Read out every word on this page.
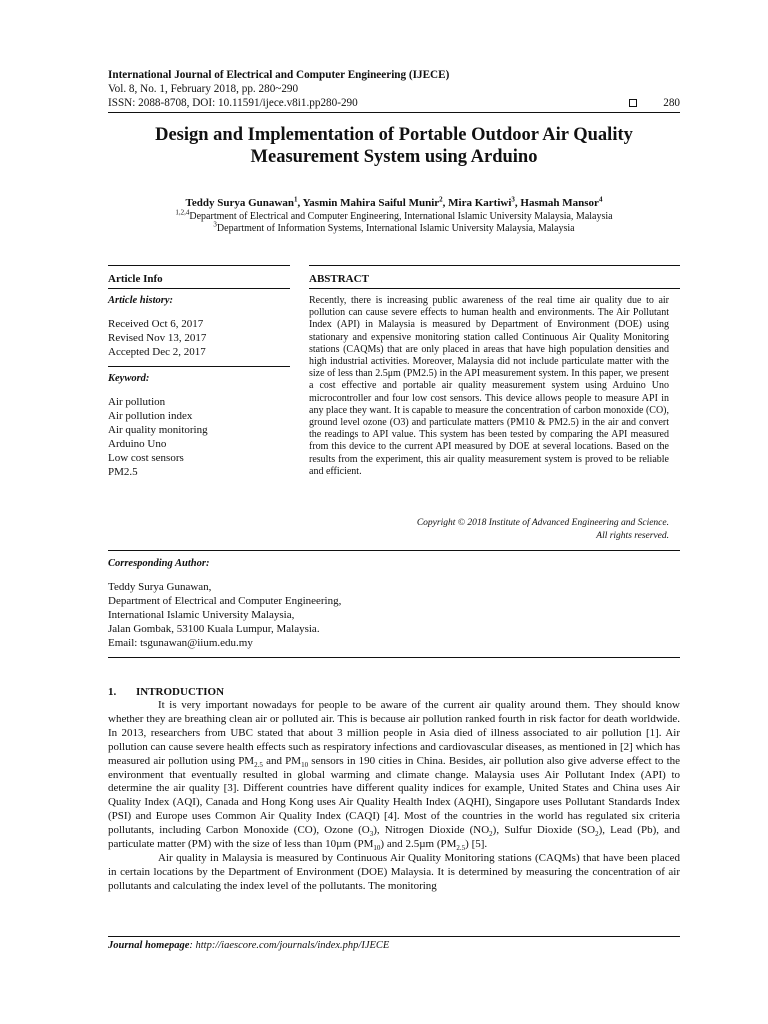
International Journal of Electrical and Computer Engineering (IJECE)
Vol. 8, No. 1, February 2018, pp. 280~290
ISSN: 2088-8708, DOI: 10.11591/ijece.v8i1.pp280-290	280
Design and Implementation of Portable Outdoor Air Quality
Measurement System using Arduino
Teddy Surya Gunawan$^1$, Yasmin Mahira Saiful Munir$^2$, Mira Kartiwi$^3$, Hasmah Mansor$^4$
$^{1,2,4}$Department of Electrical and Computer Engineering, International Islamic University Malaysia, Malaysia
$^3$Department of Information Systems, International Islamic University Malaysia, Malaysia
Article Info	ABSTRACT
Article history:
Received Oct 6, 2017
Revised Nov 13, 2017
Accepted Dec 2, 2017
Keyword:
Air pollution
Air pollution index
Air quality monitoring
Arduino Uno
Low cost sensors
PM2.5
Recently, there is increasing public awareness of the real time air quality due to air pollution can cause severe effects to human health and environments. The Air Pollutant Index (API) in Malaysia is measured by Department of Environment (DOE) using stationary and expensive monitoring station called Continuous Air Quality Monitoring stations (CAQMs) that are only placed in areas that have high population densities and high industrial activities. Moreover, Malaysia did not include particulate matter with the size of less than 2.5μm (PM2.5) in the API measurement system. In this paper, we present a cost effective and portable air quality measurement system using Arduino Uno microcontroller and four low cost sensors. This device allows people to measure API in any place they want. It is capable to measure the concentration of carbon monoxide (CO), ground level ozone (O3) and particulate matters (PM10 & PM2.5) in the air and convert the readings to API value. This system has been tested by comparing the API measured from this device to the current API measured by DOE at several locations. Based on the results from the experiment, this air quality measurement system is proved to be reliable and efficient.
Copyright © 2018 Institute of Advanced Engineering and Science.
All rights reserved.
Corresponding Author:
Teddy Surya Gunawan,
Department of Electrical and Computer Engineering,
International Islamic University Malaysia,
Jalan Gombak, 53100 Kuala Lumpur, Malaysia.
Email: tsgunawan@iium.edu.my
1. INTRODUCTION

It is very important nowadays for people to be aware of the current air quality around them. They should know whether they are breathing clean air or polluted air. This is because air pollution ranked fourth in risk factor for death worldwide. In 2013, researchers from UBC stated that about 3 million people in Asia died of illness associated to air pollution [1]. Air pollution can cause severe health effects such as respiratory infections and cardiovascular diseases, as mentioned in [2] which has measured air pollution using $PM_{2.5}$ and $PM_{10}$ sensors in 190 cities in China. Besides, air pollution also give adverse effect to the environment that eventually resulted in global warming and climate change. Malaysia uses Air Pollutant Index (API) to determine the air quality [3]. Different countries have different quality indices for example, United States and China uses Air Quality Index (AQI), Canada and Hong Kong uses Air Quality Health Index (AQHI), Singapore uses Pollutant Standards Index (PSI) and Europe uses Common Air Quality Index (CAQI) [4]. Most of the countries in the world has regulated six criteria pollutants, including Carbon Monoxide (CO), Ozone $(O_3)$, Nitrogen Dioxide $(NO_2)$, Sulfur Dioxide $(SO_2)$, Lead (Pb), and particulate matter (PM) with the size of less than 10µm $(PM_{10})$ and 2.5µm $(PM_{2.5})$ [5].

Air quality in Malaysia is measured by Continuous Air Quality Monitoring stations (CAQMs) that have been placed in certain locations by the Department of Environment (DOE) Malaysia. It is determined by measuring the concentration of air pollutants and calculating the index level of the pollutants. The monitoring

Journal homepage: http://iaescore.com/journals/index.php/IJECE
